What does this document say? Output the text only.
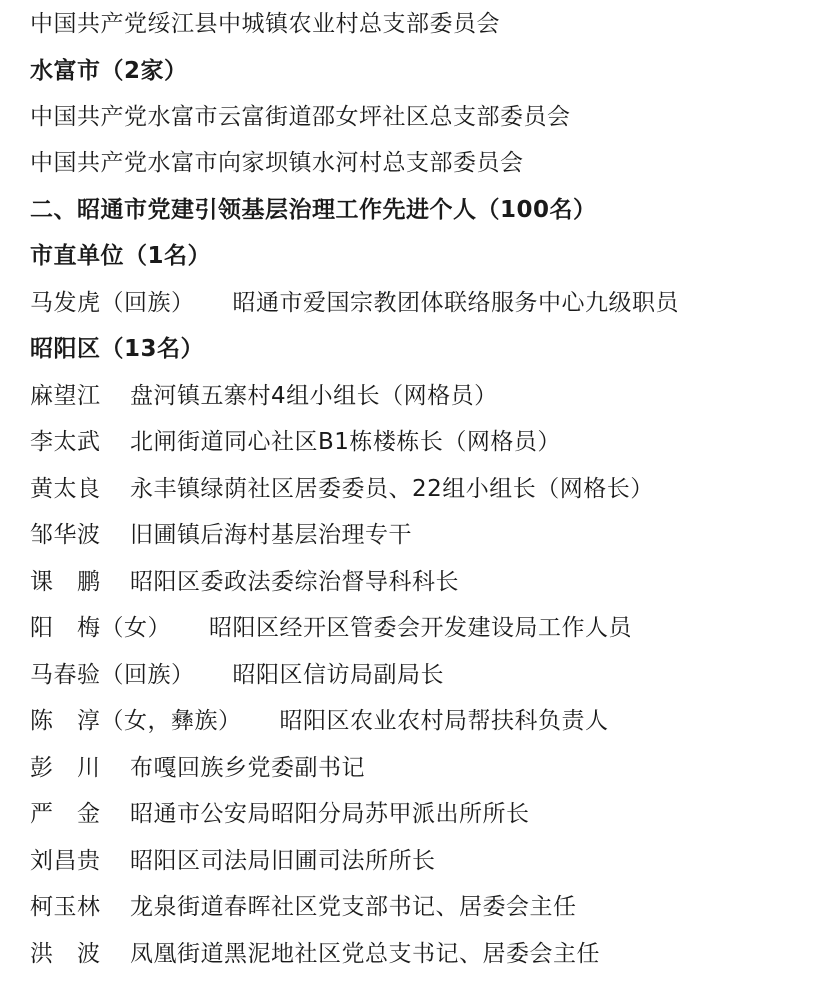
中国共产党绥江县中城镇农业村总支部委员会
水富市（2家）
中国共产党水富市云富街道邵女坪社区总支部委员会
中国共产党水富市向家坝镇水河村总支部委员会
二、昭通市党建引领基层治理工作先进个人（100名）
市直单位（1名）
马发虎（回族） 昭通市爱国宗教团体联络服务中心九级职员
昭阳区（13名）
麻望江 盘河镇五寨村4组小组长（网格员）
李太武 北闸街道同心社区B1栋楼栋长（网格员）
黄太良 永丰镇绿荫社区居委委员、22组小组长（网格长）
邹华波 旧圃镇后海村基层治理专干
课　鹏 昭阳区委政法委综治督导科科长
阳　梅（女） 昭阳区经开区管委会开发建设局工作人员
马春验（回族） 昭阳区信访局副局长
陈　淳（女，彝族） 昭阳区农业农村局帮扶科负责人
彭　川 布嘎回族乡党委副书记
严　金 昭通市公安局昭阳分局苏甲派出所所长
刘昌贵 昭阳区司法局旧圃司法所所长
柯玉林 龙泉街道春晖社区党支部书记、居委会主任
洪　波 凤凰街道黑泥地社区党总支书记、居委会主任
